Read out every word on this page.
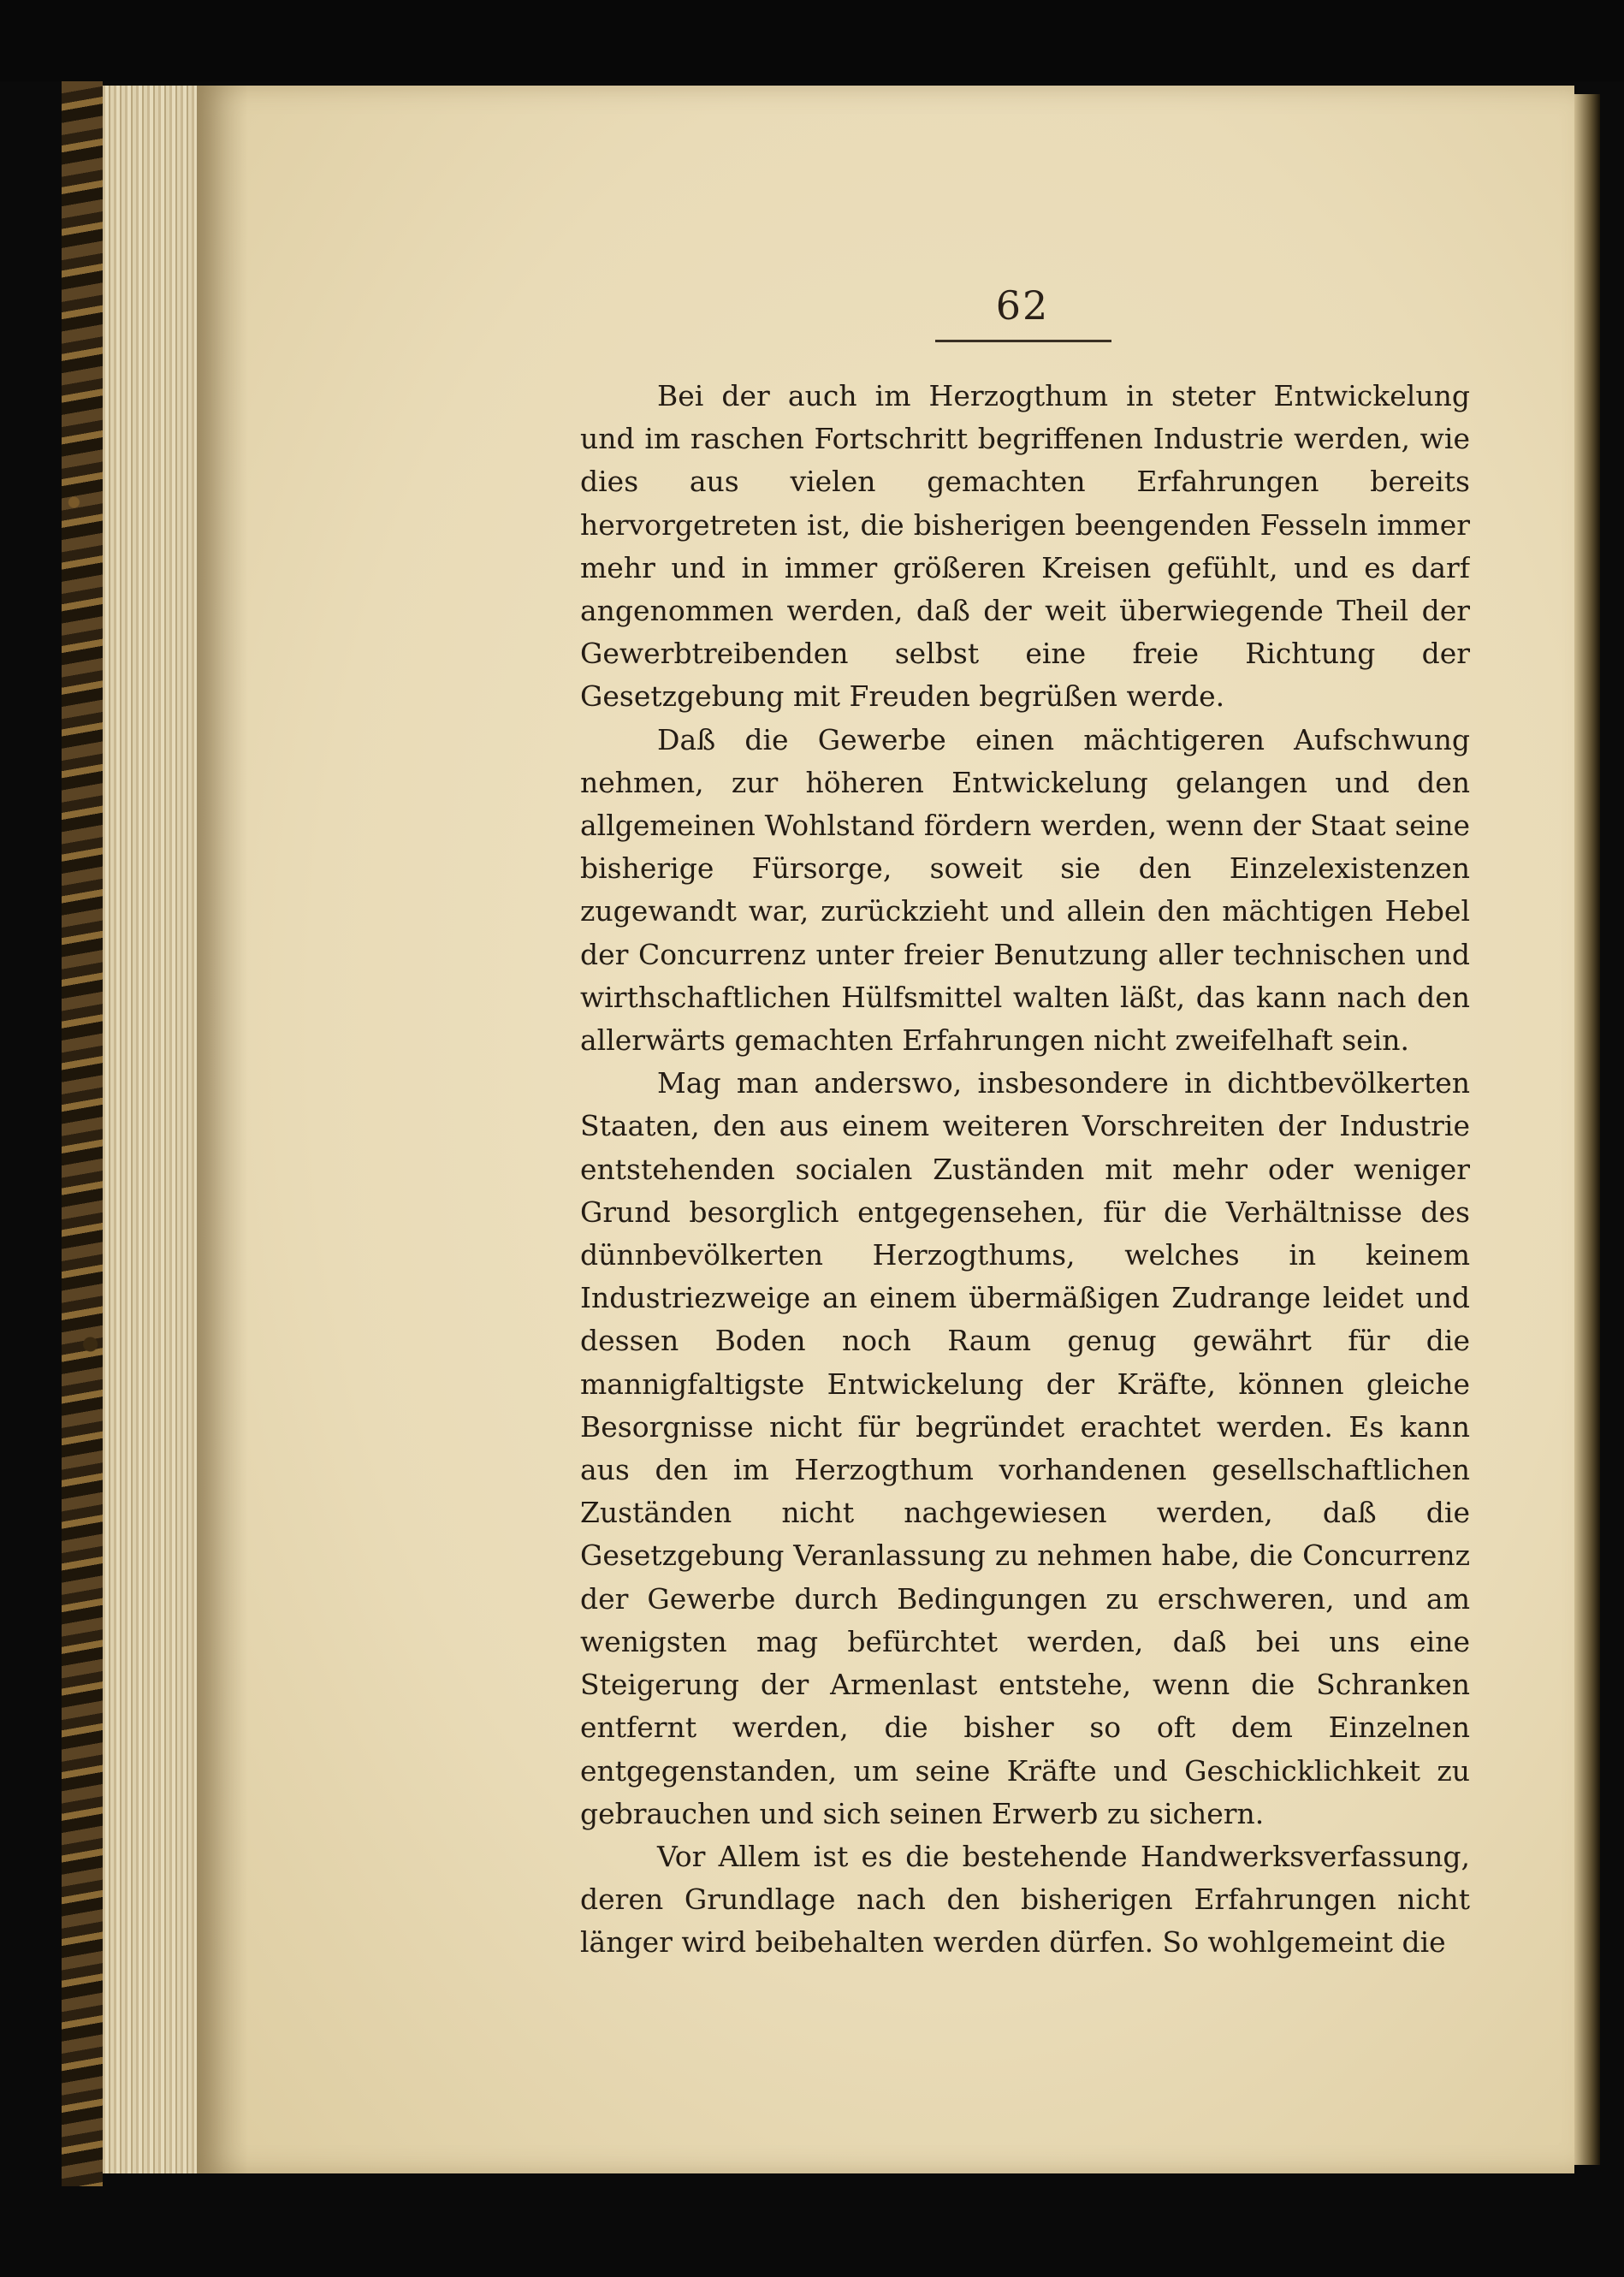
62

Bei der auch im Herzogthum in steter Entwickelung und im raschen Fortschritt begriffenen Industrie werden, wie dies aus vielen gemachten Erfahrungen bereits hervorgetreten ist, die bisherigen beengenden Fesseln immer mehr und in immer größeren Kreisen gefühlt, und es darf angenommen werden, daß der weit überwiegende Theil der Gewerbtreibenden selbst eine freie Richtung der Gesetzgebung mit Freuden begrüßen werde.

Daß die Gewerbe einen mächtigeren Aufschwung nehmen, zur höheren Entwickelung gelangen und den allgemeinen Wohlstand fördern werden, wenn der Staat seine bisherige Fürsorge, soweit sie den Einzelexistenzen zugewandt war, zurückzieht und allein den mächtigen Hebel der Concurrenz unter freier Benutzung aller technischen und wirthschaftlichen Hülfsmittel walten läßt, das kann nach den allerwärts gemachten Erfahrungen nicht zweifelhaft sein.

Mag man anderswo, insbesondere in dichtbevölkerten Staaten, den aus einem weiteren Vorschreiten der Industrie entstehenden socialen Zuständen mit mehr oder weniger Grund besorglich entgegensehen, für die Verhältnisse des dünnbevölkerten Herzogthums, welches in keinem Industriezweige an einem übermäßigen Zudrange leidet und dessen Boden noch Raum genug gewährt für die mannigfaltigste Entwickelung der Kräfte, können gleiche Besorgnisse nicht für begründet erachtet werden. Es kann aus den im Herzogthum vorhandenen gesellschaftlichen Zuständen nicht nachgewiesen werden, daß die Gesetzgebung Veranlassung zu nehmen habe, die Concurrenz der Gewerbe durch Bedingungen zu erschweren, und am wenigsten mag befürchtet werden, daß bei uns eine Steigerung der Armenlast entstehe, wenn die Schranken entfernt werden, die bisher so oft dem Einzelnen entgegenstanden, um seine Kräfte und Geschicklichkeit zu gebrauchen und sich seinen Erwerb zu sichern.

Vor Allem ist es die bestehende Handwerksverfassung, deren Grundlage nach den bisherigen Erfahrungen nicht länger wird beibehalten werden dürfen. So wohlgemeint die
